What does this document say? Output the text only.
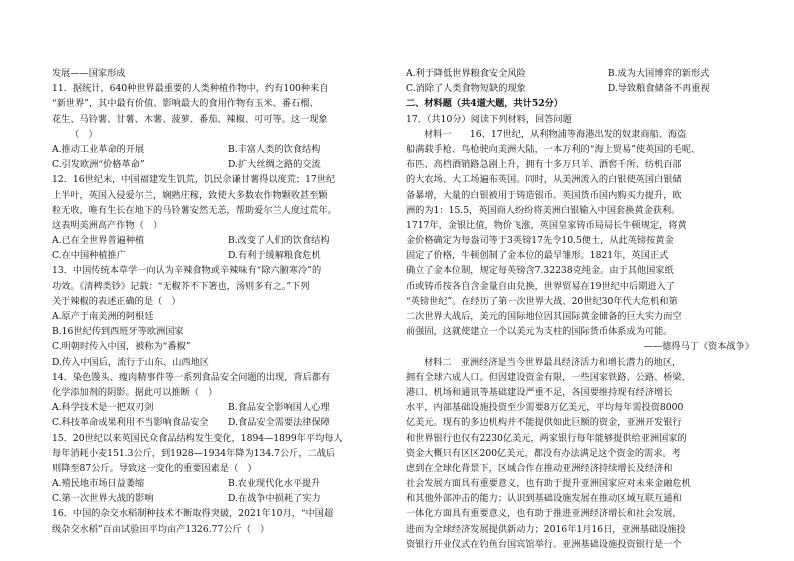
发展——国家形成
11．据统计，640种世界最重要的人类种植作物中，约有100种来自
“新世界”，其中最有价值、影响最大的食用作物有玉米、番石榴、
花生、马铃薯、甘薯、木薯、菠萝、番茄、辣椒、可可等。这一现象
（　）
A.推动工业革命的开展	B.丰富人类的饮食结构
C.引发欧洲“价格革命”	D.扩大丝绸之路的交流
12．16世纪末，中国福建发生饥荒，饥民佘谦甘薯得以度荒；17世纪
上半叶，英国入侵爱尔兰，娴熟庄稼，致使大多数农作物颗收甚至颗
粒无收，唯有生长在地下的马铃薯安然无恙，帮助爱尔兰人度过荒年。
这表明美洲高产作物（　）
A.已在全世界普遍种植	B.改变了人们的饮食结构
C.在中国种植推广	D.有利于缓解粮食危机
13．中国传统本草学一向认为辛辣食物或辛辣味有“除六腑寒冷”的
功效。《清稗类钞》记载：“无椒芥不下箸也，汤则多有之。”下列
关于辣椒的表述正确的是（　）
A.原产于南美洲的阿根廷
B.16世纪传到西班牙等欧洲国家
C.明朝时传入中国，被称为“番椒”
D.传入中国后，流行于山东、山西地区
14．染色馒头、瘦肉精事件等一系列食品安全问题的出现，背后都有
化学添加剂的阴影。据此可以推断（　）
A.科学技术是一把双刃剑	B.食品安全影响国人心理
C.科技革命成果利用不当影响食品安全	D.食品安全需要法律保障
15．20世纪以来英国民众食品结构发生变化，1894—1899年平均每人
每年消耗小麦151.3公斤，到1928—1934年降为134.7公斤，二战后
则降至87公斤。导致这一变化的重要因素是（　）
A.殖民地市场日益萎缩	B.农业现代化水平提升
C.第一次世界大战的影响	D.在战争中损耗了实力
16．中国的杂交水稻制种技术不断取得突破，2021年10月，“中国超
级杂交水稻”百亩试验田平均亩产1326.77公斤（　）
A.利于降低世界粮食安全风险	B.成为大国博弈的新形式
C.消除了人类食物短缺的现象	D.导致粮食储备不再重视
二、材料题（共4道大题，共计52分）
17．（共10分）阅读下列材料，回答问题
材料一　　16、17世纪，从利物浦等海港出发的奴隶商船、海盗
船满载手枪、鸟枪驶向美洲大陆，一本万利的“海上贸易”使英国的毛呢、
布匹、高档酒销路急剧上升，拥有十多万只羊、酒窖千所、纺机百部
的大农场、大工场遍布英国。同时，从美洲流入的白银使英国白银储
备暴增，大量的白银被用于铸造银币。英国货币国内购买力提升，欧
洲的为1：15.5，英国商人纷纷将美洲白银输入中国套换黄金获利。
1717年，金银比值，物价飞涨，英国皇家铸币局局长牛顿规定，将黄
金价格确定为每盎司等于3英镑17先令10.5便士，从此英镑按黄金
固定了价格，牛顿创制了金本位的最早雏形。1821年，英国正式
确立了金本位制，规定每英镑含7.32238克纯金。由于其他国家纸
币或铸币按各自含金量自由兑换，世界贸易在19世纪中后期进入了
“英镑世纪”。在经历了第一次世界大战、20世纪30年代大危机和第
二次世界大战后，美元的国际地位因其国际黄金储备的巨大实力而空
前强固，这就使建立一个以美元为支柱的国际货币体系成为可能。
——德得马丁《资本战争》
材料二　亚洲经济是当今世界最具经济活力和增长潜力的地区，
拥有全球六成人口。但因建设资金有限，一些国家铁路、公路、桥梁、
港口、机场和通讯等基础建设严重不足，各国要维持现有经济增长
水平，内部基础设施投资至少需要8万亿美元，平均每年需投资8000
亿美元。现有的多边机构并不能提供如此巨额的资金，亚洲开发银行
和世界银行也仅有2230亿美元，两家银行每年能够提供给亚洲国家的
资金大概只有区区200亿美元，都没有办法满足这个资金的需求。考
虑到在全球化背景下，区域合作在推动亚洲经济持续增长及经济和
社会发展方面具有重要意义，也有助于提升亚洲国家应对未来金融危机
和其他外部冲击的能力；认识到基础设施发展在推动区域互联互通和
一体化方面具有重要意义，也有助于推进亚洲经济增长和社会发展，
进而为全球经济发展提供新动力；2016年1月16日，亚洲基础设施投
资银行开业仪式在钓鱼台国宾馆举行。亚洲基础设施投资银行是一个
